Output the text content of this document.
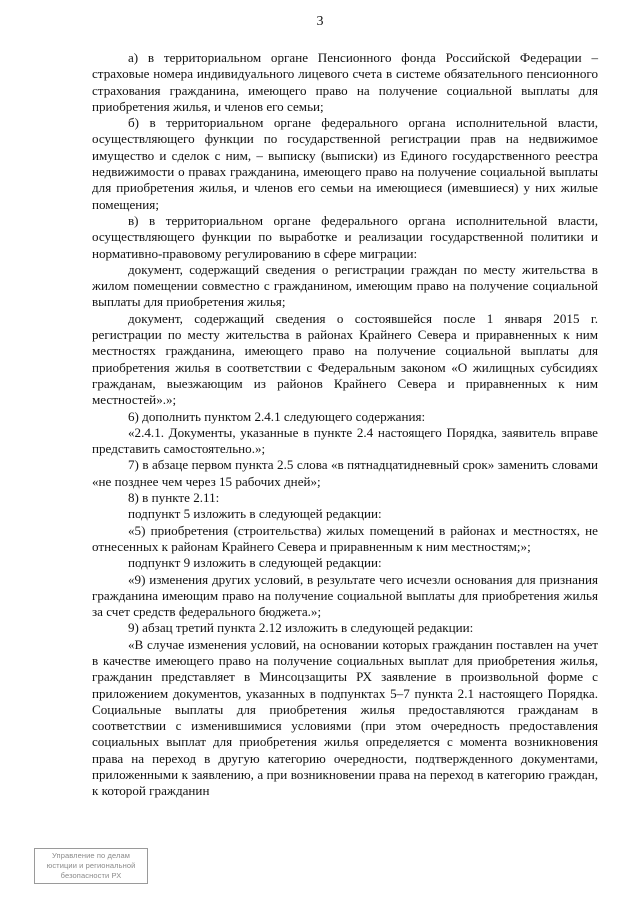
3

а) в территориальном органе Пенсионного фонда Российской Федерации – страховые номера индивидуального лицевого счета в системе обязательного пенсионного страхования гражданина, имеющего право на получение социальной выплаты для приобретения жилья, и членов его семьи;

б) в территориальном органе федерального органа исполнительной власти, осуществляющего функции по государственной регистрации прав на недвижимое имущество и сделок с ним, – выписку (выписки) из Единого государственного реестра недвижимости о правах гражданина, имеющего право на получение социальной выплаты для приобретения жилья, и членов его семьи на имеющиеся (имевшиеся) у них жилые помещения;

в) в территориальном органе федерального органа исполнительной власти, осуществляющего функции по выработке и реализации государственной политики и нормативно-правовому регулированию в сфере миграции:

документ, содержащий сведения о регистрации граждан по месту жительства в жилом помещении совместно с гражданином, имеющим право на получение социальной выплаты для приобретения жилья;

документ, содержащий сведения о состоявшейся после 1 января 2015 г. регистрации по месту жительства в районах Крайнего Севера и приравненных к ним местностях гражданина, имеющего право на получение социальной выплаты для приобретения жилья в соответствии с Федеральным законом «О жилищных субсидиях гражданам, выезжающим из районов Крайнего Севера и приравненных к ним местностей».»;

6) дополнить пунктом 2.4.1 следующего содержания:

«2.4.1. Документы, указанные в пункте 2.4 настоящего Порядка, заявитель вправе представить самостоятельно.»;

7) в абзаце первом пункта 2.5 слова «в пятнадцатидневный срок» заменить словами «не позднее чем через 15 рабочих дней»;

8) в пункте 2.11:

подпункт 5 изложить в следующей редакции:

«5) приобретения (строительства) жилых помещений в районах и местностях, не отнесенных к районам Крайнего Севера и приравненным к ним местностям;»;

подпункт 9 изложить в следующей редакции:

«9) изменения других условий, в результате чего исчезли основания для признания гражданина имеющим право на получение социальной выплаты для приобретения жилья за счет средств федерального бюджета.»;

9) абзац третий пункта 2.12 изложить в следующей редакции:

«В случае изменения условий, на основании которых гражданин поставлен на учет в качестве имеющего право на получение социальных выплат для приобретения жилья, гражданин представляет в Минсоцзащиты РХ заявление в произвольной форме с приложением документов, указанных в подпунктах 5–7 пункта 2.1 настоящего Порядка. Социальные выплаты для приобретения жилья предоставляются гражданам в соответствии с изменившимися условиями (при этом очередность предоставления социальных выплат для приобретения жилья определяется с момента возникновения права на переход в другую категорию очередности, подтвержденного документами, приложенными к заявлению, а при возникновении права на переход в категорию граждан, к которой гражданин

Управление по делам
юстиции и региональной
безопасности РХ
